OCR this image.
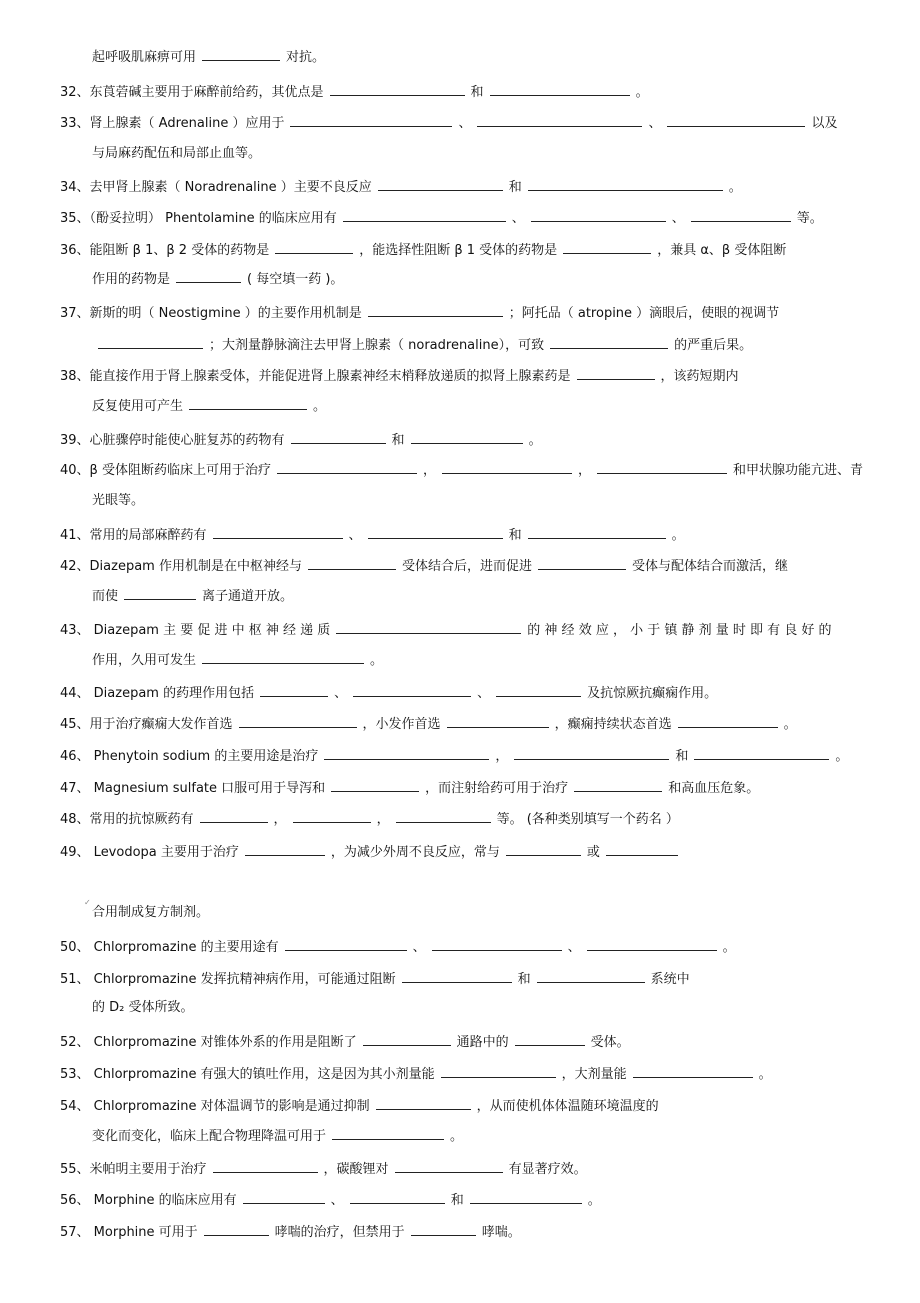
起呼吸肌麻痹可用	对抗。
32、东莨菪碱主要用于麻醉前给药，其优点是	和	。
33、肾上腺素（ Adrenaline ）应用于	、	、	以及
与局麻药配伍和局部止血等。
34、去甲肾上腺素（ Noradrenaline ）主要不良反应	和	。
35、（酚妥拉明） Phentolamine 的临床应用有	、	、	等。
36、能阻断 β 1、β 2 受体的药物是	，能选择性阻断 β 1 受体的药物是	，兼具 α、β 受体阻断
作用的药物是	( 每空填一药 )。
37、新斯的明（ Neostigmine ）的主要作用机制是	；阿托品（ atropine ）滴眼后，使眼的视调节
；大剂量静脉滴注去甲肾上腺素（ noradrenaline），可致	的严重后果。
38、能直接作用于肾上腺素受体，并能促进肾上腺素神经末梢释放递质的拟肾上腺素药是	，该药短期内
反复使用可产生	。
39、心脏骤停时能使心脏复苏的药物有	和	。
40、β 受体阻断药临床上可用于治疗	，	，	和甲状腺功能亢进、青
光眼等。
41、常用的局部麻醉药有	、	和	。
42、Diazepam 作用机制是在中枢神经与	受体结合后，进而促进	受体与配体结合而激活，继
而使	离子通道开放。
43、 Diazepam 主 要 促 进 中 枢 神 经 递 质	的 神 经 效 应 ， 小 于 镇 静 剂 量 时 即 有 良 好 的
作用，久用可发生	。
44、 Diazepam 的药理作用包括	、	、	及抗惊厥抗癫痫作用。
45、用于治疗癫痫大发作首选	，小发作首选	，癫痫持续状态首选	。
46、 Phenytoin sodium 的主要用途是治疗	，	和	。
47、 Magnesium sulfate 口服可用于导泻和	，而注射给药可用于治疗	和高血压危象。
48、常用的抗惊厥药有	，	，	等。 (各种类别填写一个药名 ）
49、 Levodopa 主要用于治疗	，为减少外周不良反应，常与	或
✓
合用制成复方制剂。
50、 Chlorpromazine 的主要用途有	、	、	。
51、 Chlorpromazine 发挥抗精神病作用，可能通过阻断	和	系统中
的 D₂ 受体所致。
52、 Chlorpromazine 对锥体外系的作用是阻断了	通路中的	受体。
53、 Chlorpromazine 有强大的镇吐作用，这是因为其小剂量能	，大剂量能	。
54、 Chlorpromazine 对体温调节的影响是通过抑制	，从而使机体体温随环境温度的
变化而变化，临床上配合物理降温可用于	。
55、米帕明主要用于治疗	，碳酸锂对	有显著疗效。
56、 Morphine 的临床应用有	、	和	。
57、 Morphine 可用于	哮喘的治疗，但禁用于	哮喘。
